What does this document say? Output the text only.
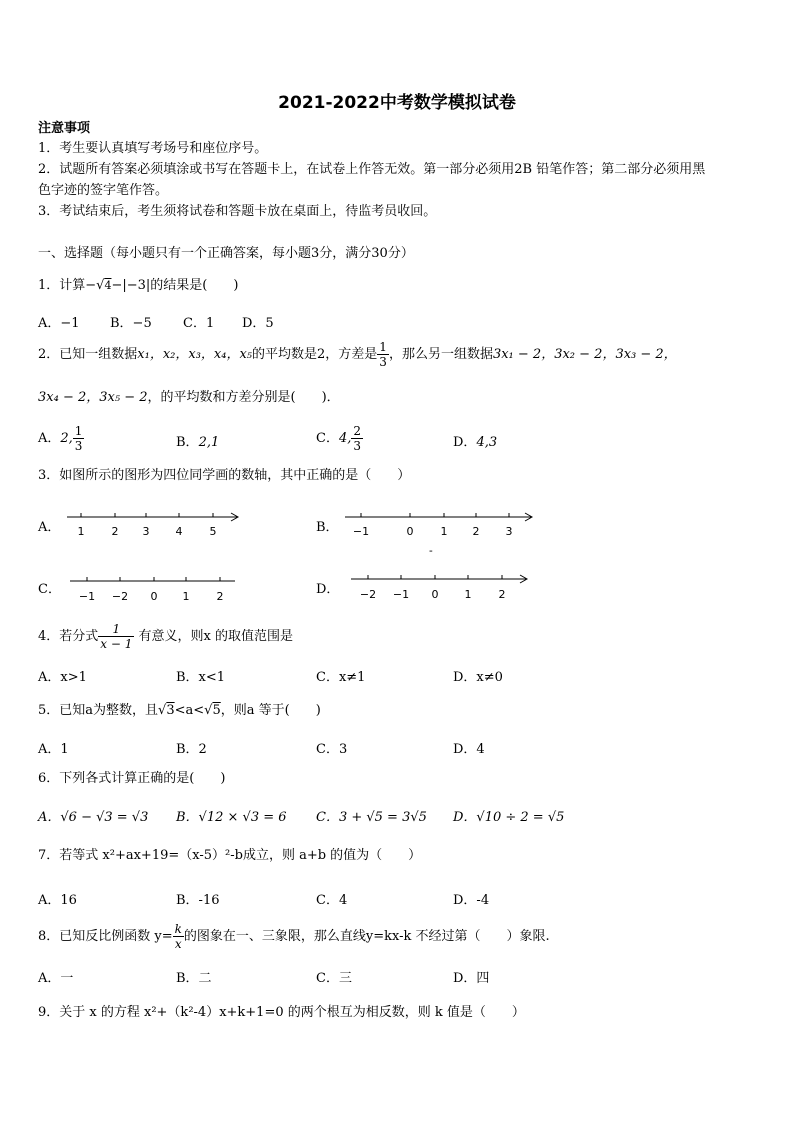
2021-2022中考数学模拟试卷
注意事项
1．考生要认真填写考场号和座位序号。
2．试题所有答案必须填涂或书写在答题卡上，在试卷上作答无效。第一部分必须用2B 铅笔作答；第二部分必须用黑
色字迹的签字笔作答。
3．考试结束后，考生须将试卷和答题卡放在桌面上，待监考员收回。
一、选择题（每小题只有一个正确答案，每小题3分，满分30分）
1．计算−√4−|−3|的结果是(　　)
A．−1 B．−5 C．1 D．5
2．已知一组数据x₁，x₂，x₃，x₄，x₅的平均数是2，方差是 $\frac{1}{3}$ ，那么另一组数据3x₁ − 2，3x₂ − 2，3x₃ − 2，
3x₄ − 2，3x₅ − 2，的平均数和方差分别是(　　)．
A．2, $\frac{1}{3}$	B．2,1	C．4, $\frac{2}{3}$	D．4,3
3．如图所示的图形为四位同学画的数轴，其中正确的是（　　）
A． 1 2 3 4 5	B． −1	0 1 2 3
-
C． −1 −2 0 1 2	D． −2 −1 0 1 2
4．若分式 $\frac{1}{x - 1}$ 有意义，则x 的取值范围是
A．x>1	B．x<1	C．x≠1	D．x≠0
5．已知a为整数，且√3<a<√5，则a 等于(　　)
A．1	B．2	C．3	D．4
6．下列各式计算正确的是(　　)
A．√6 − √3 = √3 B．√12 × √3 = 6 C．3 + √5 = 3√5 D．√10 ÷ 2 = √5
7．若等式 x²+ax+19=（x-5）²-b成立，则 a+b 的值为（　　）
A．16	B．-16	C．4	D．-4
8．已知反比例函数 $y= \frac{k}{x}$ 的图象在一、三象限，那么直线y=kx-k 不经过第（　　）象限.
A．一	B．二	C．三	D．四
9．关于 x 的方程 x²+（k²-4）x+k+1=0 的两个根互为相反数，则 k 值是（　　）
